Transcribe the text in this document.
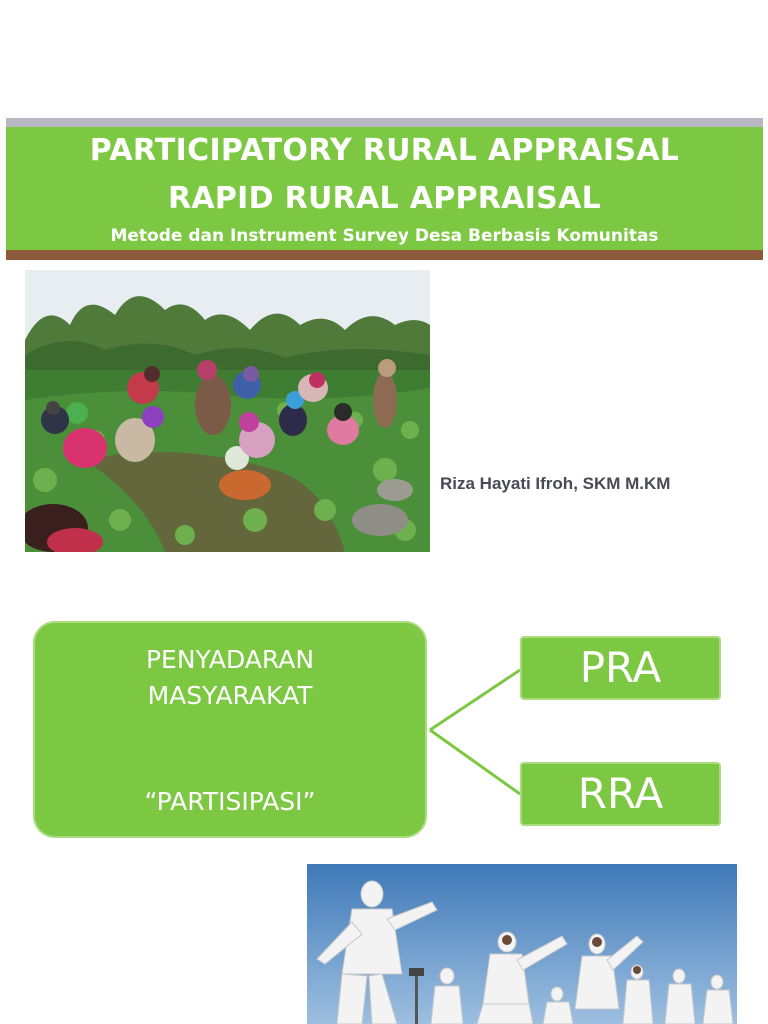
PARTICIPATORY RURAL APPRAISAL
RAPID RURAL APPRAISAL
Metode dan Instrument Survey Desa Berbasis Komunitas
Riza Hayati Ifroh, SKM M.KM
PENYADARAN
MASYARAKAT
“PARTISIPASI”
PRA
RRA
